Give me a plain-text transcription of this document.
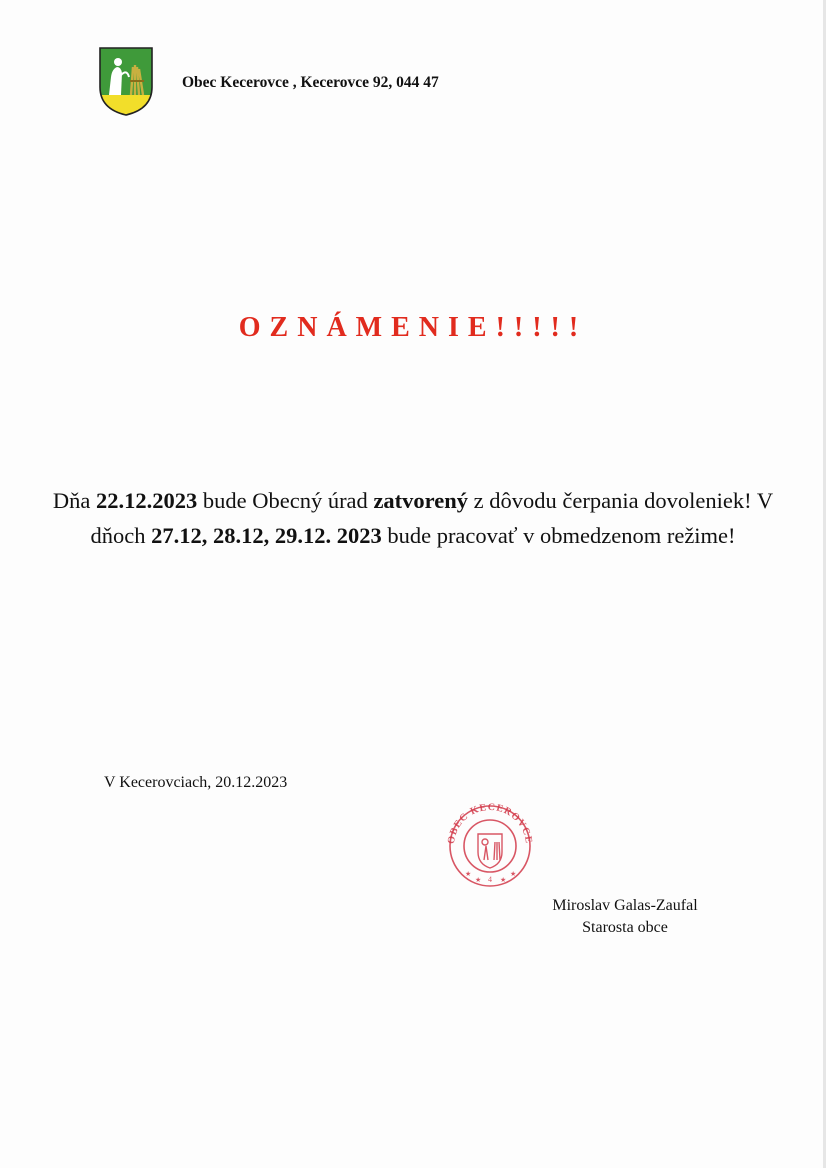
Obec Kecerovce , Kecerovce 92, 044 47
OZNÁMENIE!!!!!
Dňa 22.12.2023 bude Obecný úrad zatvorený z dôvodu čerpania dovoleniek! V dňoch 27.12, 28.12, 29.12. 2023 bude pracovať v obmedzenom režime!
V Kecerovciach, 20.12.2023
OBEC KECEROVCE
4
★
★	★
★
Miroslav Galas-Zaufal
Starosta obce
